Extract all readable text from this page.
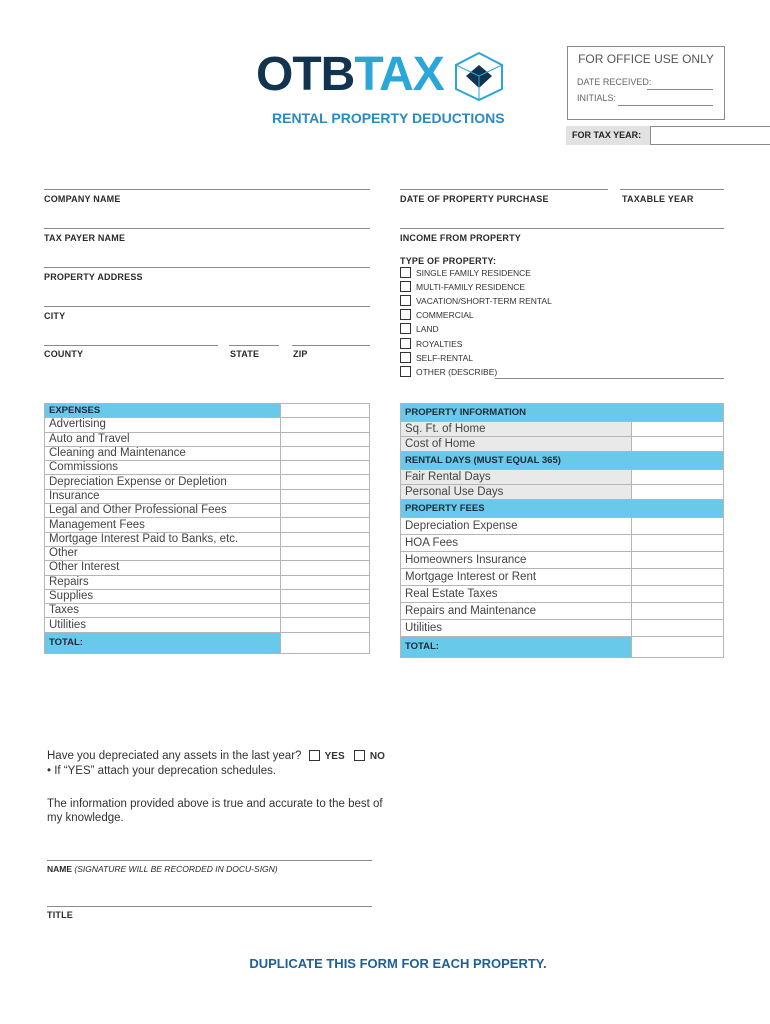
OTBTAX	FOR OFFICE USE ONLY
DATE RECEIVED:
INITIALS:
RENTAL PROPERTY DEDUCTIONS
FOR TAX YEAR:
COMPANY NAME
TAX PAYER NAME
PROPERTY ADDRESS
CITY
COUNTY	STATE	ZIP
DATE OF PROPERTY PURCHASE	TAXABLE YEAR
INCOME FROM PROPERTY
TYPE OF PROPERTY:
SINGLE FAMILY RESIDENCE
MULTI-FAMILY RESIDENCE
VACATION/SHORT-TERM RENTAL
COMMERCIAL
LAND
ROYALTIES
SELF-RENTAL
OTHER (DESCRIBE)
EXPENSES	
Advertising	
Auto and Travel	
Cleaning and Maintenance	
Commissions	
Depreciation Expense or Depletion	
Insurance	
Legal and Other Professional Fees	
Management Fees	
Mortgage Interest Paid to Banks, etc.	
Other	
Other Interest	
Repairs	
Supplies	
Taxes	
Utilities	
TOTAL:	
PROPERTY INFORMATION	
Sq. Ft. of Home	
Cost of Home	
RENTAL DAYS (MUST EQUAL 365)	
Fair Rental Days	
Personal Use Days	
PROPERTY FEES	
Depreciation Expense	
HOA Fees	
Homeowners Insurance	
Mortgage Interest or Rent	
Real Estate Taxes	
Repairs and Maintenance	
Utilities	
TOTAL:	
Have you depreciated any assets in the last year? YES	NO
• If “YES” attach your deprecation schedules.
The information provided above is true and accurate to the best of my knowledge.
NAME (SIGNATURE WILL BE RECORDED IN DOCU-SIGN)
TITLE
DUPLICATE THIS FORM FOR EACH PROPERTY.
